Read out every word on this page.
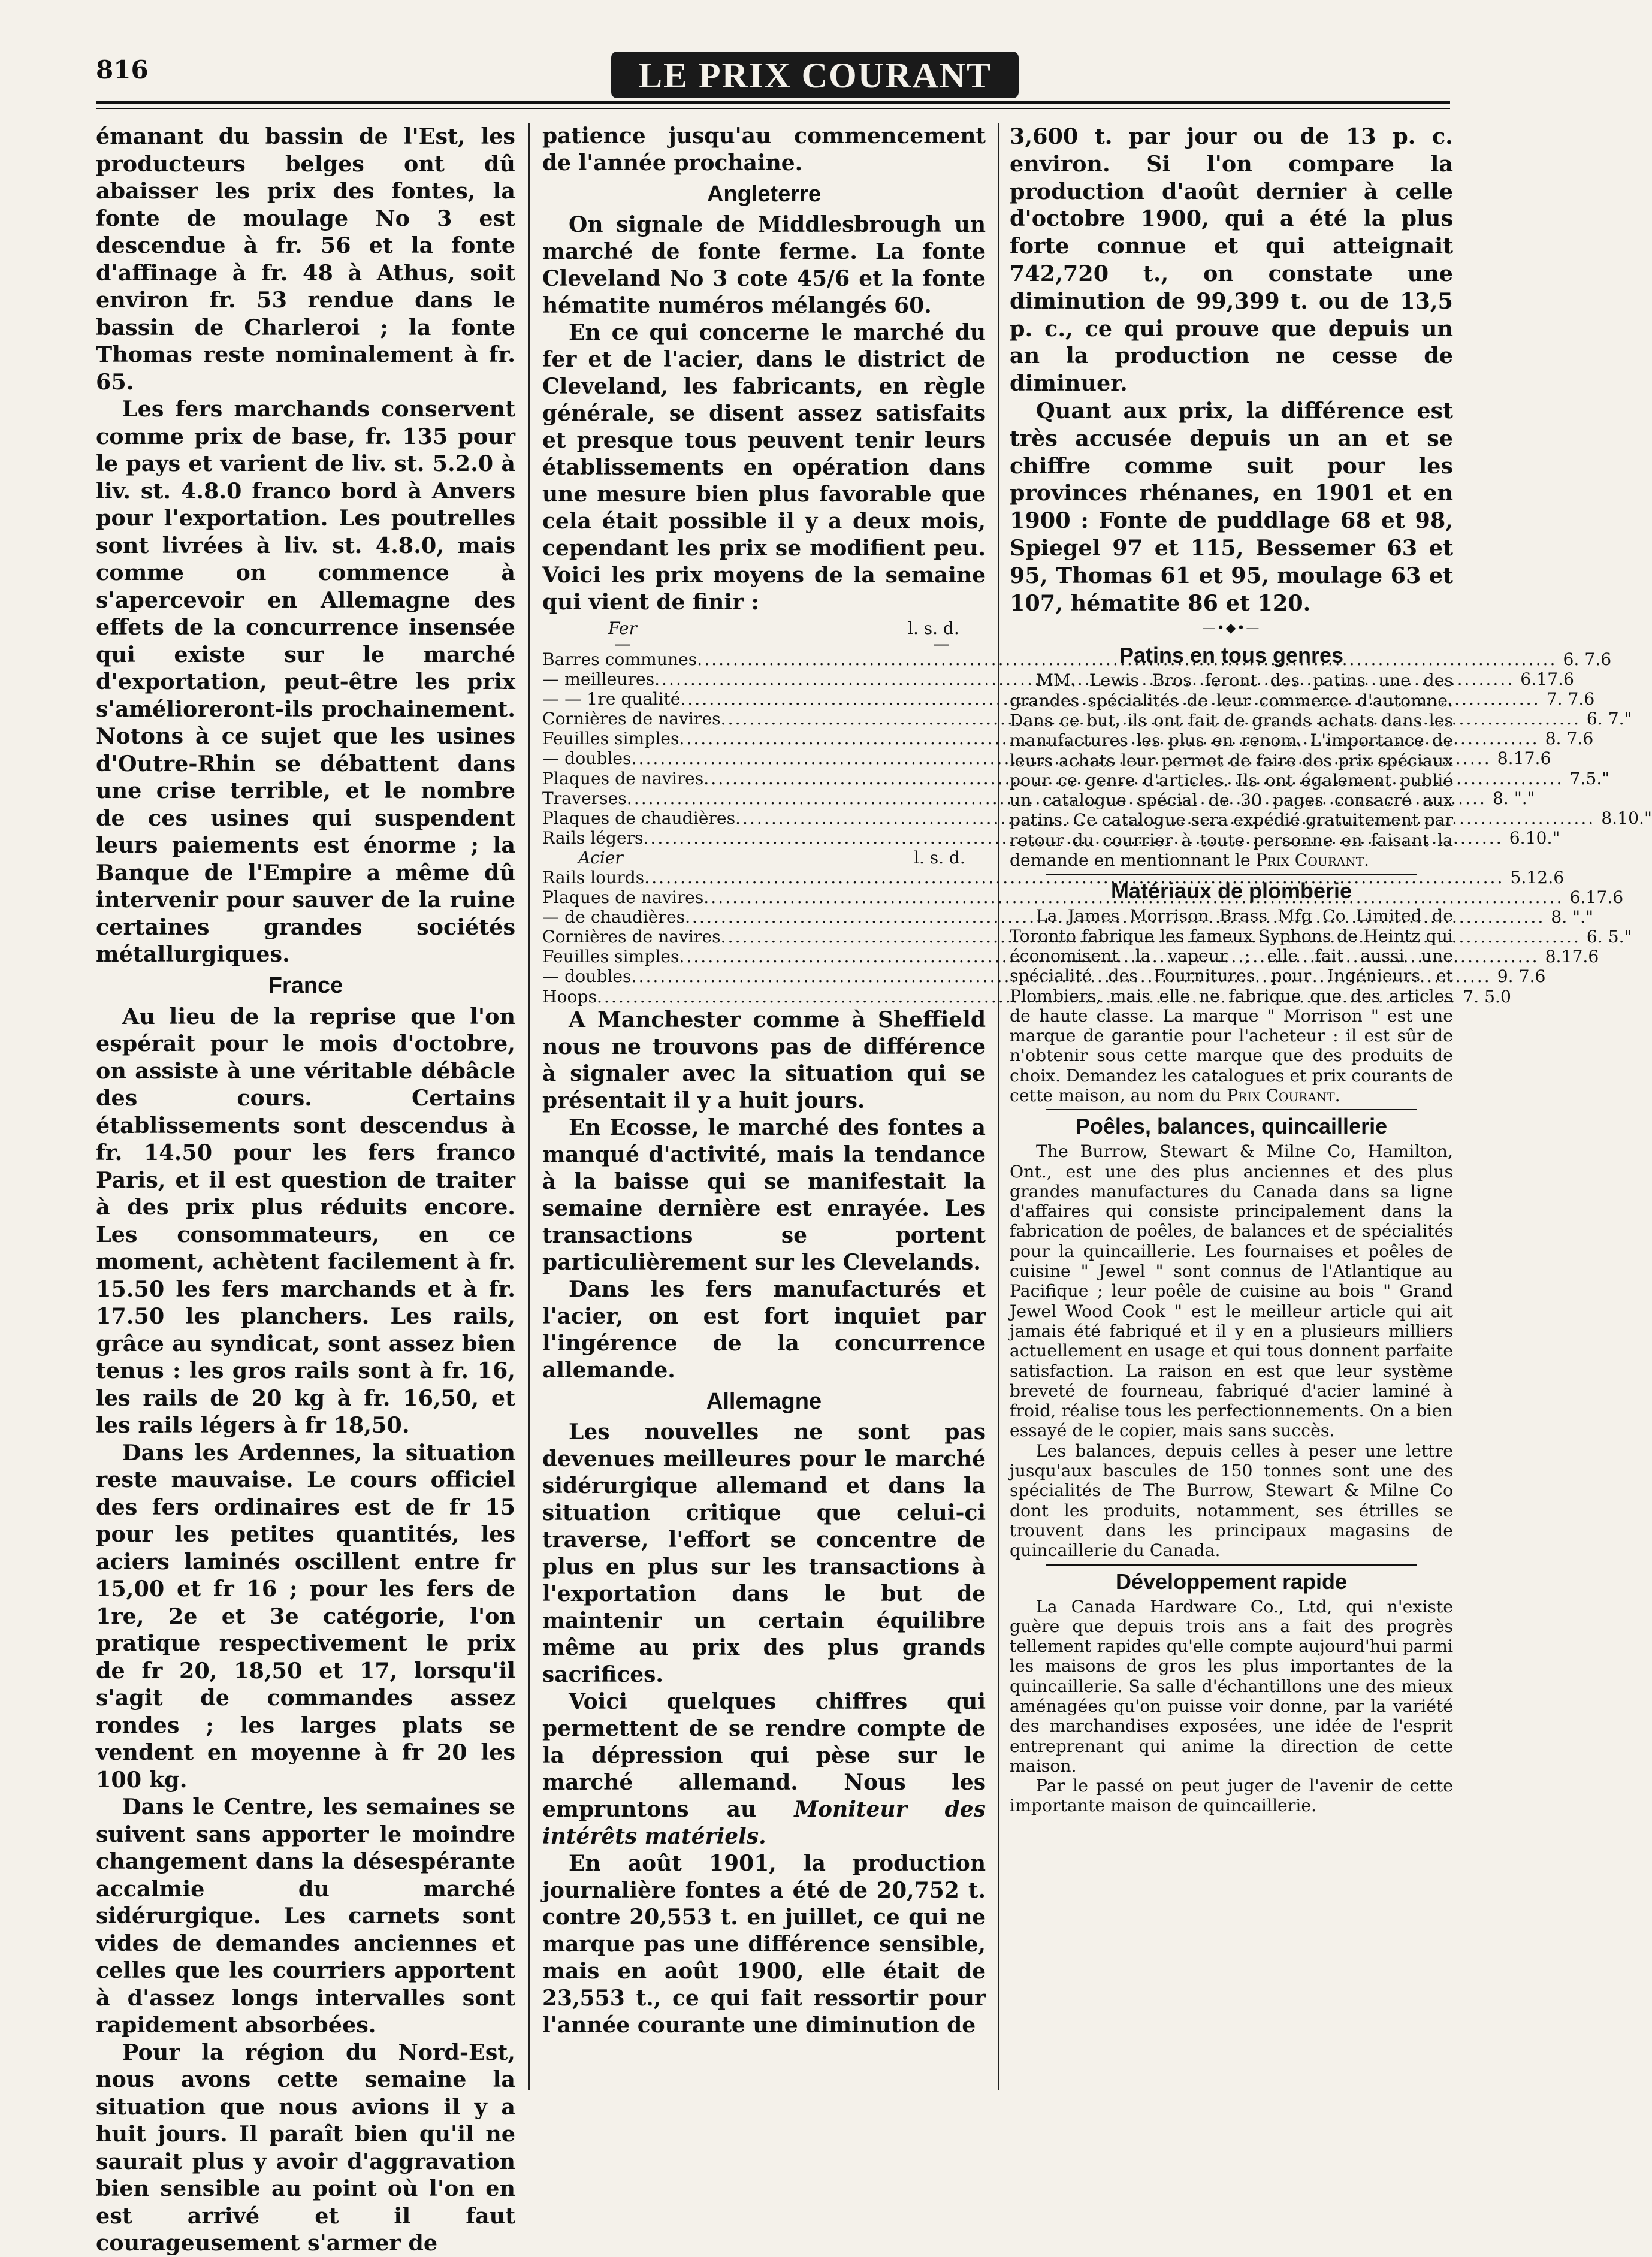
816	LE PRIX COURANT

émanant du bassin de l'Est, les producteurs belges ont dû abaisser les prix des fontes, la fonte de moulage No 3 est descendue à fr. 56 et la fonte d'affinage à fr. 48 à Athus, soit environ fr. 53 rendue dans le bassin de Charleroi ; la fonte Thomas reste nominalement à fr. 65.

Les fers marchands conservent comme prix de base, fr. 135 pour le pays et varient de liv. st. 5.2.0 à liv. st. 4.8.0 franco bord à Anvers pour l'exportation. Les poutrelles sont livrées à liv. st. 4.8.0, mais comme on commence à s'apercevoir en Allemagne des effets de la concurrence insensée qui existe sur le marché d'exportation, peut-être les prix s'amélioreront-ils prochainement. Notons à ce sujet que les usines d'Outre-Rhin se débattent dans une crise terrible, et le nombre de ces usines qui suspendent leurs paiements est énorme ; la Banque de l'Empire a même dû intervenir pour sauver de la ruine certaines grandes sociétés métallurgiques.

France

Au lieu de la reprise que l'on espérait pour le mois d'octobre, on assiste à une véritable débâcle des cours. Certains établissements sont descendus à fr. 14.50 pour les fers franco Paris, et il est question de traiter à des prix plus réduits encore. Les consommateurs, en ce moment, achètent facilement à fr. 15.50 les fers marchands et à fr. 17.50 les planchers. Les rails, grâce au syndicat, sont assez bien tenus : les gros rails sont à fr. 16, les rails de 20 kg à fr. 16,50, et les rails légers à fr 18,50.

Dans les Ardennes, la situation reste mauvaise. Le cours officiel des fers ordinaires est de fr 15 pour les petites quantités, les aciers laminés oscillent entre fr 15,00 et fr 16 ; pour les fers de 1re, 2e et 3e catégorie, l'on pratique respectivement le prix de fr 20, 18,50 et 17, lorsqu'il s'agit de commandes assez rondes ; les larges plats se vendent en moyenne à fr 20 les 100 kg.

Dans le Centre, les semaines se suivent sans apporter le moindre changement dans la désespérante accalmie du marché sidérurgique. Les carnets sont vides de demandes anciennes et celles que les courriers apportent à d'assez longs intervalles sont rapidement absorbées.

Pour la région du Nord-Est, nous avons cette semaine la situation que nous avions il y a huit jours. Il paraît bien qu'il ne saurait plus y avoir d'aggravation bien sensible au point où l'on en est arrivé et il faut courageusement s'armer de

patience jusqu'au commencement de l'année prochaine.

Angleterre

On signale de Middlesbrough un marché de fonte ferme. La fonte Cleveland No 3 cote 45/6 et la fonte hématite numéros mélangés 60.

En ce qui concerne le marché du fer et de l'acier, dans le district de Cleveland, les fabricants, en règle générale, se disent assez satisfaits et presque tous peuvent tenir leurs établissements en opération dans une mesure bien plus favorable que cela était possible il y a deux mois, cependant les prix se modifient peu. Voici les prix moyens de la semaine qui vient de finir :

Fer	l. s. d.
—	—
Barres communes .....	6. 7.6
— meilleures .....	6.17.6
— — 1re qualité .....	7. 7.6
Cornières de navires .....	6. 7."
Feuilles simples .....	8. 7.6
— doubles .....	8.17.6
Plaques de navires .....	7.5."
Traverses .....	8. "."
Plaques de chaudières .....	8.10."
Rails légers .....	6.10."
Acier	l. s. d.
Rails lourds .....	5.12.6
Plaques de navires .....	6.17.6
— de chaudières .....	8. "."
Cornières de navires .....	6. 5."
Feuilles simples .....	8.17.6
— doubles .....	9. 7.6
Hoops .....	7. 5.0

A Manchester comme à Sheffield nous ne trouvons pas de différence à signaler avec la situation qui se présentait il y a huit jours.

En Ecosse, le marché des fontes a manqué d'activité, mais la tendance à la baisse qui se manifestait la semaine dernière est enrayée. Les transactions se portent particulièrement sur les Clevelands.

Dans les fers manufacturés et l'acier, on est fort inquiet par l'ingérence de la concurrence allemande.

Allemagne

Les nouvelles ne sont pas devenues meilleures pour le marché sidérurgique allemand et dans la situation critique que celui-ci traverse, l'effort se concentre de plus en plus sur les transactions à l'exportation dans le but de maintenir un certain équilibre même au prix des plus grands sacrifices.

Voici quelques chiffres qui permettent de se rendre compte de la dépression qui pèse sur le marché allemand. Nous les empruntons au Moniteur des intérêts matériels.

En août 1901, la production journalière fontes a été de 20,752 t. contre 20,553 t. en juillet, ce qui ne marque pas une différence sensible, mais en août 1900, elle était de 23,553 t., ce qui fait ressortir pour l'année courante une diminution de

3,600 t. par jour ou de 13 p. c. environ. Si l'on compare la production d'août dernier à celle d'octobre 1900, qui a été la plus forte connue et qui atteignait 742,720 t., on constate une diminution de 99,399 t. ou de 13,5 p. c., ce qui prouve que depuis un an la production ne cesse de diminuer.

Quant aux prix, la différence est très accusée depuis un an et se chiffre comme suit pour les provinces rhénanes, en 1901 et en 1900 : Fonte de puddlage 68 et 98, Spiegel 97 et 115, Bessemer 63 et 95, Thomas 61 et 95, moulage 63 et 107, hématite 86 et 120.

—•◆•—
Patins en tous genres

MM. Lewis Bros feront des patins une des grandes spécialités de leur commerce d'automne. Dans ce but, ils ont fait de grands achats dans les manufactures les plus en renom. L'importance de leurs achats leur permet de faire des prix spéciaux pour ce genre d'articles. Ils ont également publié un catalogue spécial de 30 pages consacré aux patins. Ce catalogue sera expédié gratuitement par retour du courrier à toute personne en faisant la demande en mentionnant le Prix Courant.

Matériaux de plomberie

La James Morrison Brass Mfg Co Limited de Toronto fabrique les fameux Syphons de Heintz qui économisent la vapeur ; elle fait aussi une spécialité des Fournitures pour Ingénieurs et Plombiers, mais elle ne fabrique que des articles de haute classe. La marque " Morrison " est une marque de garantie pour l'acheteur : il est sûr de n'obtenir sous cette marque que des produits de choix. Demandez les catalogues et prix courants de cette maison, au nom du Prix Courant.

Poêles, balances, quincaillerie

The Burrow, Stewart & Milne Co, Hamilton, Ont., est une des plus anciennes et des plus grandes manufactures du Canada dans sa ligne d'affaires qui consiste principalement dans la fabrication de poêles, de balances et de spécialités pour la quincaillerie. Les fournaises et poêles de cuisine " Jewel " sont connus de l'Atlantique au Pacifique ; leur poêle de cuisine au bois " Grand Jewel Wood Cook " est le meilleur article qui ait jamais été fabriqué et il y en a plusieurs milliers actuellement en usage et qui tous donnent parfaite satisfaction. La raison en est que leur système breveté de fourneau, fabriqué d'acier laminé à froid, réalise tous les perfectionnements. On a bien essayé de le copier, mais sans succès.

Les balances, depuis celles à peser une lettre jusqu'aux bascules de 150 tonnes sont une des spécialités de The Burrow, Stewart & Milne Co dont les produits, notamment, ses étrilles se trouvent dans les principaux magasins de quincaillerie du Canada.

Développement rapide

La Canada Hardware Co., Ltd, qui n'existe guère que depuis trois ans a fait des progrès tellement rapides qu'elle compte aujourd'hui parmi les maisons de gros les plus importantes de la quincaillerie. Sa salle d'échantillons une des mieux aménagées qu'on puisse voir donne, par la variété des marchandises exposées, une idée de l'esprit entreprenant qui anime la direction de cette maison.

Par le passé on peut juger de l'avenir de cette importante maison de quincaillerie.
